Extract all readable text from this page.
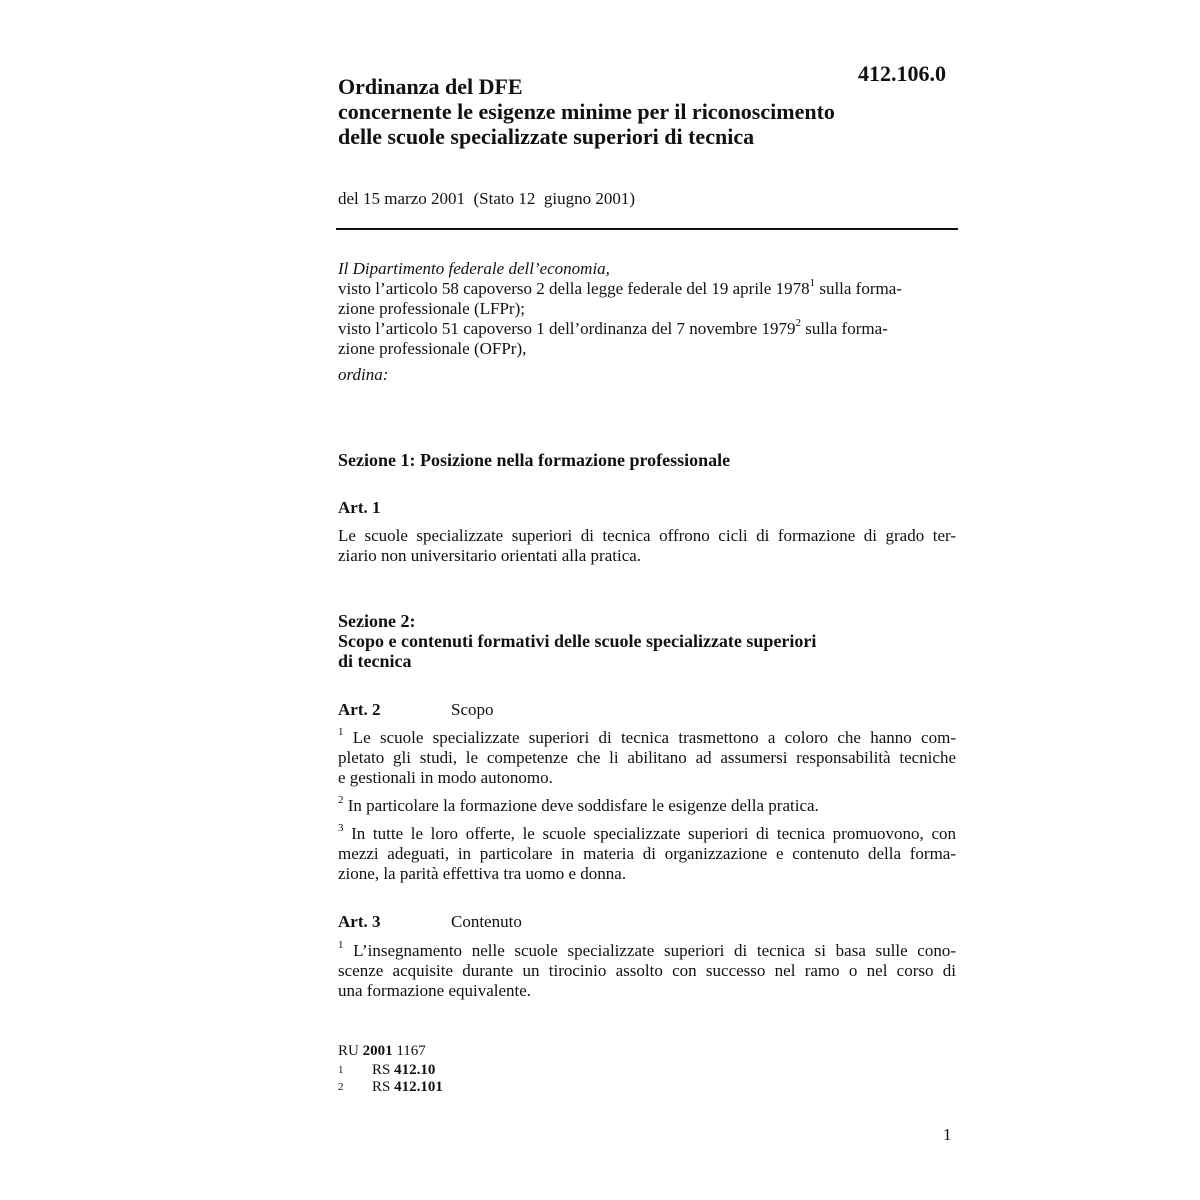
412.106.0
Ordinanza del DFE
concernente le esigenze minime per il riconoscimento
delle scuole specializzate superiori di tecnica
del 15 marzo 2001  (Stato 12  giugno 2001)
Il Dipartimento federale dell’economia,
visto l’articolo 58 capoverso 2 della legge federale del 19 aprile 1978$^1$ sulla forma-
zione professionale (LFPr);
visto l’articolo 51 capoverso 1 dell’ordinanza del 7 novembre 1979$^2$ sulla forma-
zione professionale (OFPr),
ordina:
Sezione 1: Posizione nella formazione professionale
Art. 1
Le scuole specializzate superiori di tecnica offrono cicli di formazione di grado ter-
ziario non universitario orientati alla pratica.
Sezione 2:
Scopo e contenuti formativi delle scuole specializzate superiori
di tecnica
Art. 2	Scopo
$^1$ Le scuole specializzate superiori di tecnica trasmettono a coloro che hanno com-
pletato gli studi, le competenze che li abilitano ad assumersi responsabilità tecniche
e gestionali in modo autonomo.
$^2$ In particolare la formazione deve soddisfare le esigenze della pratica.
$^3$ In tutte le loro offerte, le scuole specializzate superiori di tecnica promuovono, con
mezzi adeguati, in particolare in materia di organizzazione e contenuto della forma-
zione, la parità effettiva tra uomo e donna.
Art. 3	Contenuto
$^1$ L’insegnamento nelle scuole specializzate superiori di tecnica si basa sulle cono-
scenze acquisite durante un tirocinio assolto con successo nel ramo o nel corso di
una formazione equivalente.
RU 2001 1167
1 RS 412.10
2 RS 412.101
1
